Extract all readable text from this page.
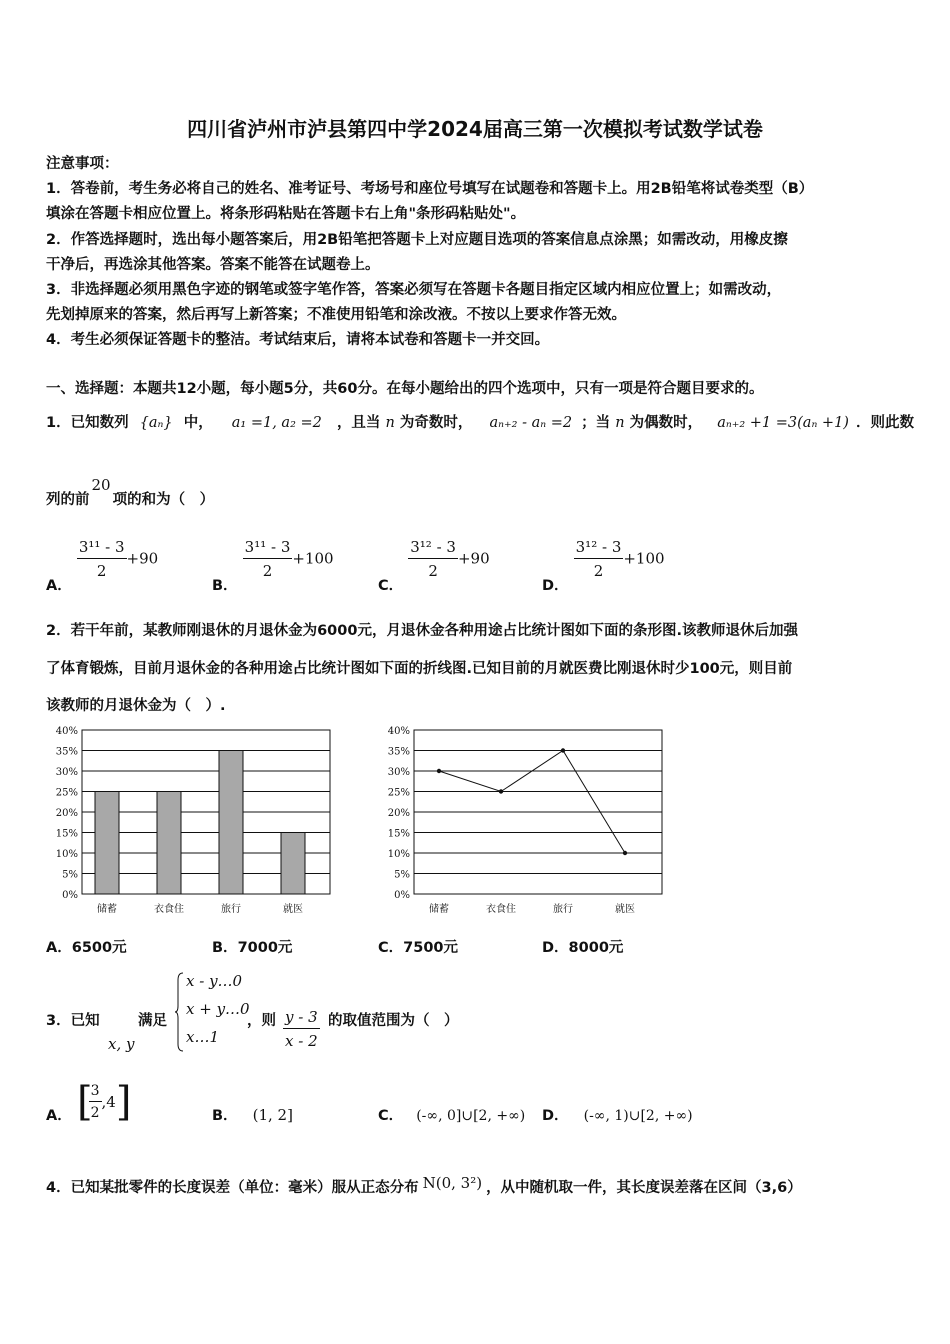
四川省泸州市泸县第四中学2024届高三第一次模拟考试数学试卷
注意事项：
1．答卷前，考生务必将自己的姓名、准考证号、考场号和座位号填写在试题卷和答题卡上。用2B铅笔将试卷类型（B）
填涂在答题卡相应位置上。将条形码粘贴在答题卡右上角"条形码粘贴处"。
2．作答选择题时，选出每小题答案后，用2B铅笔把答题卡上对应题目选项的答案信息点涂黑；如需改动，用橡皮擦
干净后，再选涂其他答案。答案不能答在试题卷上。
3．非选择题必须用黑色字迹的钢笔或签字笔作答，答案必须写在答题卡各题目指定区域内相应位置上；如需改动，
先划掉原来的答案，然后再写上新答案；不准使用铅笔和涂改液。不按以上要求作答无效。
4．考生必须保证答题卡的整洁。考试结束后，请将本试卷和答题卡一并交回。
一、选择题：本题共12小题，每小题5分，共60分。在每小题给出的四个选项中，只有一项是符合题目要求的。
1．已知数列 {aₙ} 中， a₁ =1, a₂ =2 ，且当 n 为奇数时， aₙ₊₂ - aₙ =2 ；当 n 为偶数时， aₙ₊₂ +1 =3(aₙ +1) ．则此数
列的前20项的和为（　）
A．
$\frac{\text{3¹¹ - 3}}{2} +90$
B．
$\frac{\text{3¹¹ - 3}}{2} +100$
C．
$\frac{\text{3¹² - 3}}{2} +90$
D．
$\frac{\text{3¹² - 3}}{2} +100$
2．若干年前，某教师刚退休的月退休金为6000元，月退休金各种用途占比统计图如下面的条形图.该教师退休后加强
了体育锻炼，目前月退休金的各种用途占比统计图如下面的折线图.已知目前的月就医费比刚退休时少100元，则目前
该教师的月退休金为（　）.
0%
5%
10%
15%
20%
25%
30%
35%
40%
储蓄	衣食住	旅行	就医
0%
5%
10%
15%
20%
25%
30%
35%
40%
储蓄	衣食住	旅行	就医
A．6500元	B．7000元	C．7500元	D．8000元
3．已知
x, y
满足
x - y…0
x + y…0
x…1
，则 $\frac{y - 3}{x - 2}$ 的取值范围为（　）
A． [
$\frac{3}{2} ,4$]	B． (1, 2]	C． (-∞, 0]∪[2, +∞) D． (-∞, 1)∪[2, +∞)
4．已知某批零件的长度误差（单位：毫米）服从正态分布 N(0, 3²) ，从中随机取一件，其长度误差落在区间（3,6）
